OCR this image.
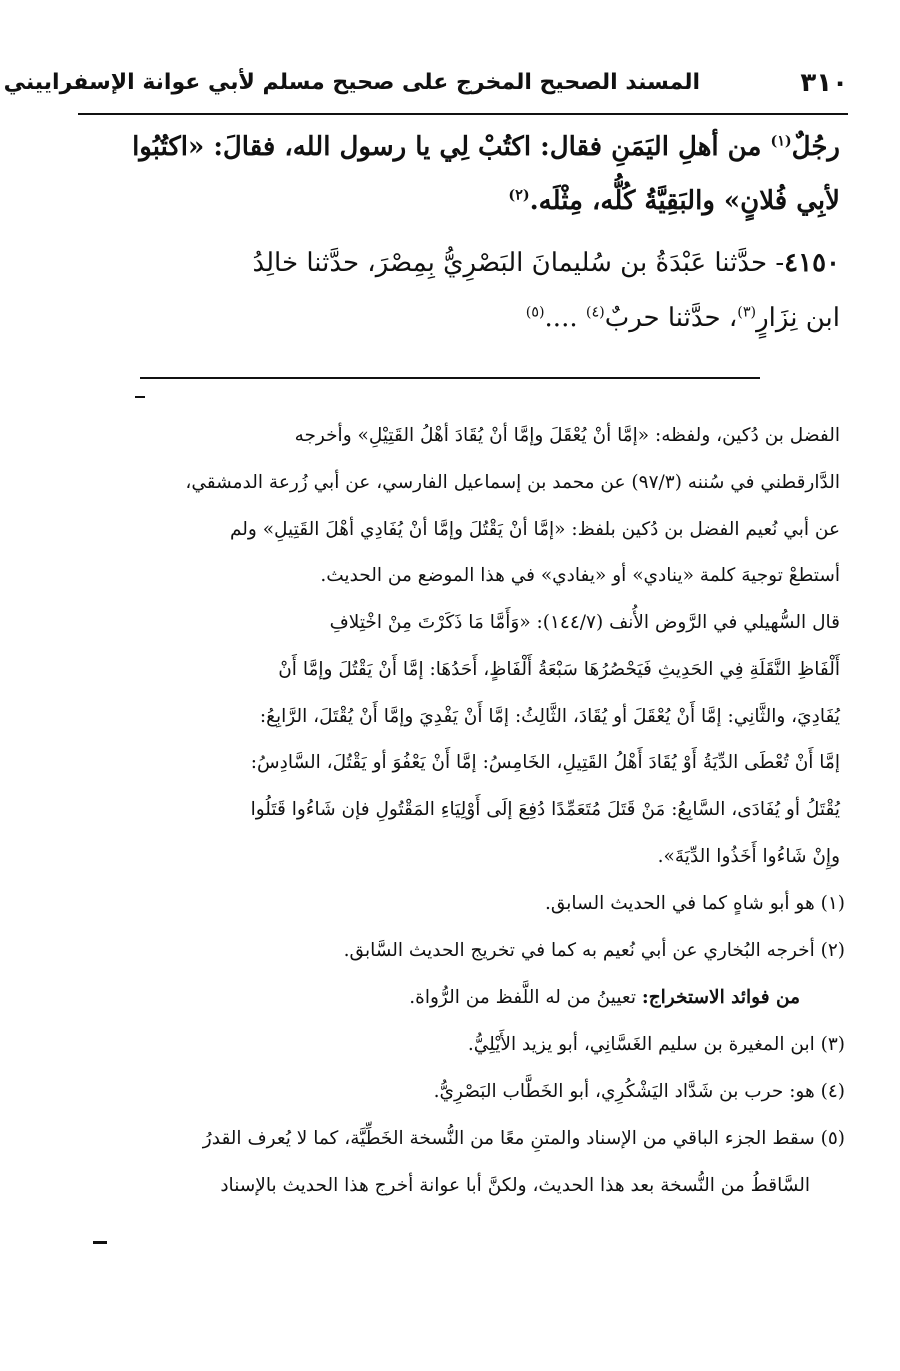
٣١٠
المسند الصحيح المخرج على صحيح مسلم لأبي عوانة الإسفراييني
رجُلٌ$^{(١)}$ من أهلِ اليَمَنِ فقال: اكتُبْ لِي يا رسول الله، فقالَ: «اكتُبُوا
لأبِي فُلانٍ» والبَقِيَّةُ كُلُّه، مِثْلَه.$^{(٢)}$
٤١٥٠- حدَّثنا عَبْدَةُ بن سُليمانَ البَصْرِيُّ بِمِصْرَ، حدَّثنا خالِدُ
ابن نِزَارٍ$^{(٣)}$، حدَّثنا حربٌ$^{(٤)}$ ....$^{(٥)}$
الفضل بن دُكين، ولفظه: «إمَّا أنْ يُعْقَلَ وإمَّا أنْ يُقَادَ أهْلُ القَتِيْلِ» وأخرجه
الدَّارقطني في سُننه (٩٧/٣) عن محمد بن إسماعيل الفارسي، عن أبي زُرعة الدمشقي،
عن أبي نُعيم الفضل بن دُكين بلفظ: «إمَّا أنْ يَقْتُلَ وإمَّا أنْ يُفَادِي أهْلَ القَتِيلِ» ولم
أستطعْ توجيهَ كلمة «ينادي» أو «يفادي» في هذا الموضع من الحديث.
قال السُّهيلي في الرَّوض الأُنف (١٤٤/٧): «وَأَمَّا مَا ذَكَرْتَ مِنْ اخْتِلافِ
أَلْفَاظِ النَّقَلَةِ فِي الحَدِيثِ فَيَحْصُرُهَا سَبْعَةُ أَلْفَاظٍ، أَحَدُهَا: إمَّا أَنْ يَقْتُلَ وإمَّا أَنْ
يُفَادِيَ، والثَّانِي: إمَّا أَنْ يُعْقَلَ أو يُقَادَ، الثَّالِثُ: إمَّا أَنْ يَفْدِيَ وإمَّا أَنْ يُقْتَلَ، الرَّابِعُ:
إمَّا أَنْ تُعْطَى الدِّيَةُ أَوْ يُقَادَ أَهْلُ القَتِيلِ، الخَامِسُ: إمَّا أَنْ يَعْفُوَ أو يَقْتُلَ، السَّادِسُ:
يُقْتَلُ أو يُفَادَى، السَّابِعُ: مَنْ قَتَلَ مُتَعَمِّدًا دُفِعَ إلَى أَوْلِيَاءِ المَقْتُولِ فإن شَاءُوا قَتَلُوا
وإِنْ شَاءُوا أَخَذُوا الدِّيَةَ».
(١) هو أبو شاهٍ كما في الحديث السابق.
(٢) أخرجه البُخاري عن أبي نُعيم به كما في تخريج الحديث السَّابق.
من فوائد الاستخراج: تعيينُ من له اللَّفظ من الرُّواة.
(٣) ابن المغيرة بن سليم الغَسَّانِي، أبو يزيد الأَيْلِيُّ.
(٤) هو: حرب بن شَدَّاد اليَشْكُرِي، أبو الخَطَّاب البَصْرِيُّ.
(٥) سقط الجزء الباقي من الإسناد والمتنِ معًا من النُّسخة الخَطِّيَّة، كما لا يُعرف القدرُ
السَّاقطُ من النُّسخة بعد هذا الحديث، ولكنَّ أبا عوانة أخرج هذا الحديث بالإسناد
